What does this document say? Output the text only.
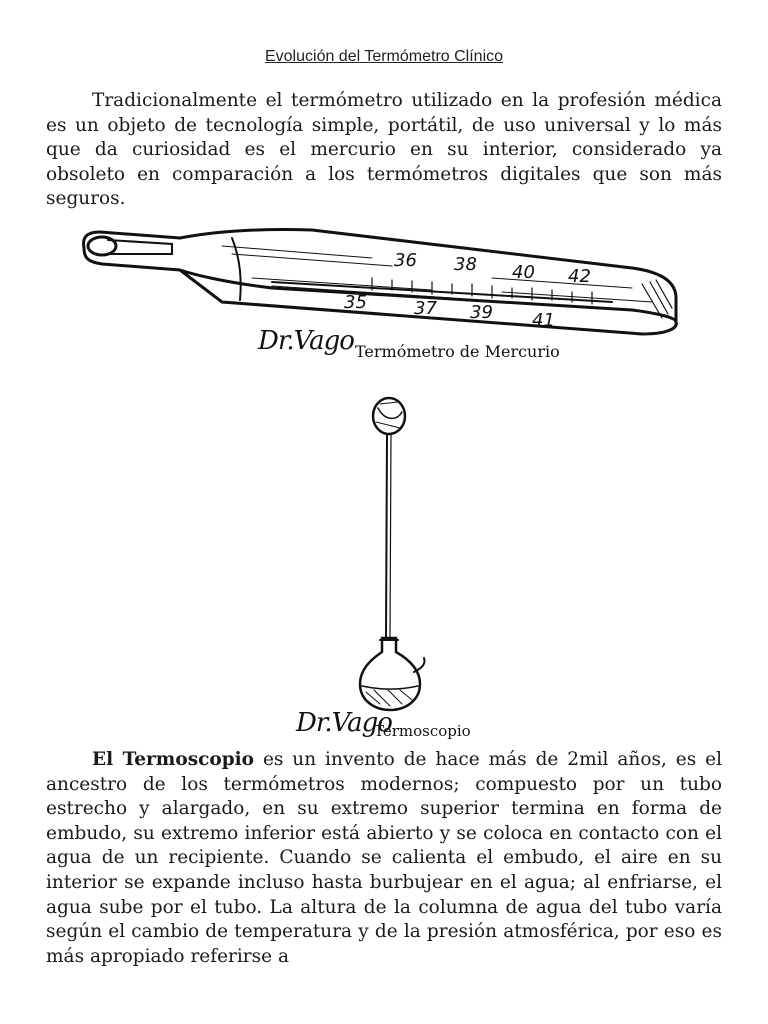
Evolución del Termómetro Clínico

Tradicionalmente el termómetro utilizado en la profesión médica es un objeto de tecnología simple, portátil, de uso universal y lo más que da curiosidad es el mercurio en su interior, considerado ya obsoleto en comparación a los termómetros digitales que son más seguros.

36 38 40 42
35	37 39 41
Dr.Vago Termómetro de Mercurio
Dr.Vago
Termoscopio

El Termoscopio es un invento de hace más de 2mil años, es el ancestro de los termómetros modernos; compuesto por un tubo estrecho y alargado, en su extremo superior termina en forma de embudo, su extremo inferior está abierto y se coloca en contacto con el agua de un recipiente. Cuando se calienta el embudo, el aire en su interior se expande incluso hasta burbujear en el agua; al enfriarse, el agua sube por el tubo. La altura de la columna de agua del tubo varía según el cambio de temperatura y de la presión atmosférica, por eso es más apropiado referirse a
